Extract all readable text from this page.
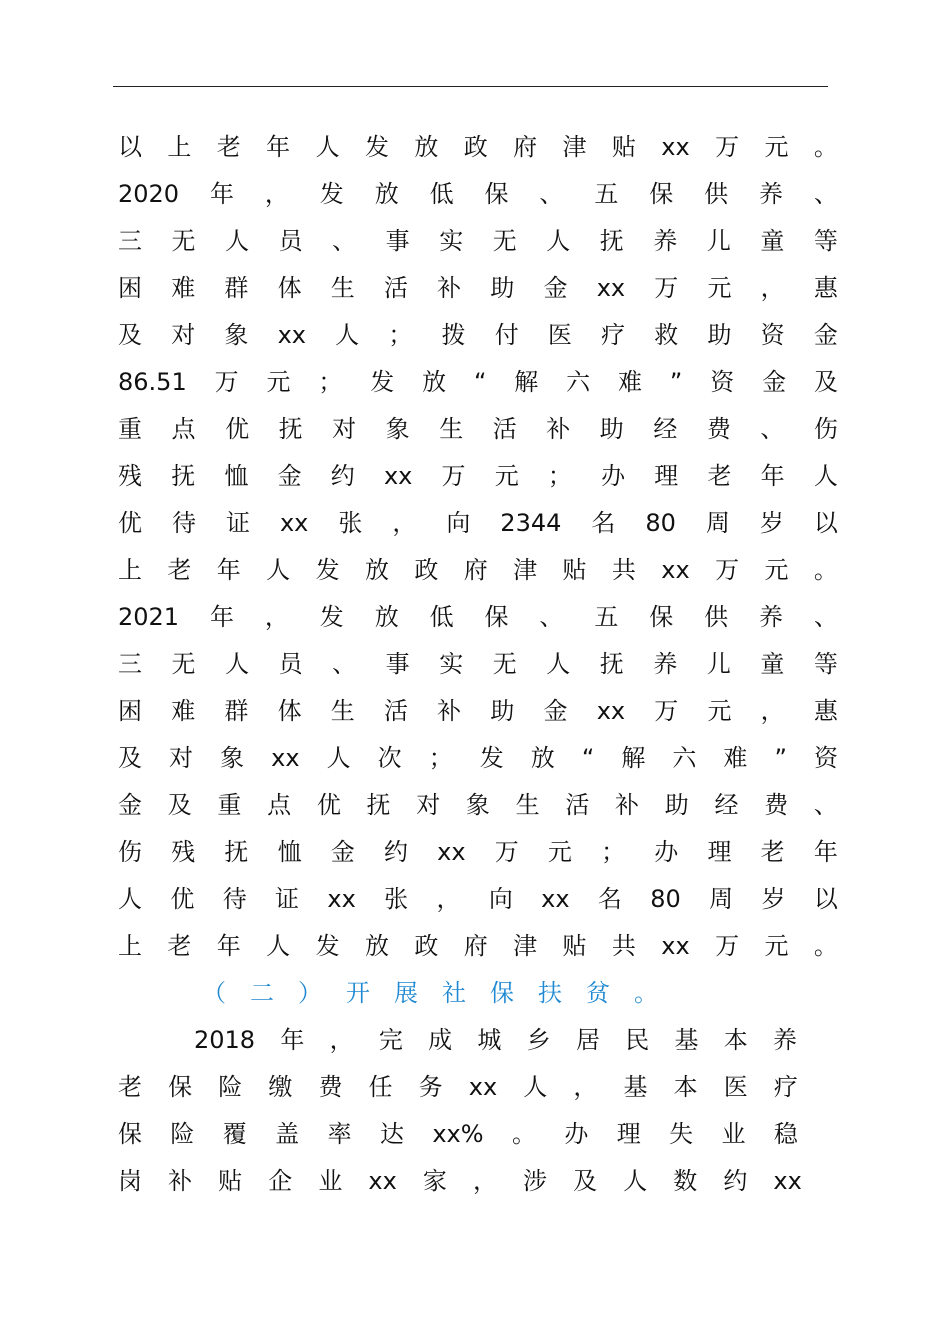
以 上 老 年 人 发 放 政 府 津 贴 xx 万 元 。
2020 年 ， 发 放 低 保 、 五 保 供 养 、
三 无 人 员 、 事 实 无 人 抚 养 儿 童 等
困 难 群 体 生 活 补 助 金 xx 万 元 ， 惠
及 对 象 xx 人 ； 拨 付 医 疗 救 助 资 金
86.51 万 元 ； 发 放 “ 解 六 难 ” 资 金 及
重 点 优 抚 对 象 生 活 补 助 经 费 、 伤
残 抚 恤 金 约 xx 万 元 ； 办 理 老 年 人
优 待 证 xx 张 ， 向 2344 名 80 周 岁 以
上 老 年 人 发 放 政 府 津 贴 共 xx 万 元 。
2021 年 ， 发 放 低 保 、 五 保 供 养 、
三 无 人 员 、 事 实 无 人 抚 养 儿 童 等
困 难 群 体 生 活 补 助 金 xx 万 元 ， 惠
及 对 象 xx 人 次 ； 发 放 “ 解 六 难 ” 资
金 及 重 点 优 抚 对 象 生 活 补 助 经 费 、
伤 残 抚 恤 金 约 xx 万 元 ； 办 理 老 年
人 优 待 证 xx 张 ， 向 xx 名 80 周 岁 以
上 老 年 人 发 放 政 府 津 贴 共 xx 万 元 。
（ 二 ） 开 展 社 保 扶 贫 。
2018 年 ， 完 成 城 乡 居 民 基 本 养
老 保 险 缴 费 任 务 xx 人 ， 基 本 医 疗
保 险 覆 盖 率 达 xx% 。 办 理 失 业 稳
岗 补 贴 企 业 xx 家 ， 涉 及 人 数 约 xx
